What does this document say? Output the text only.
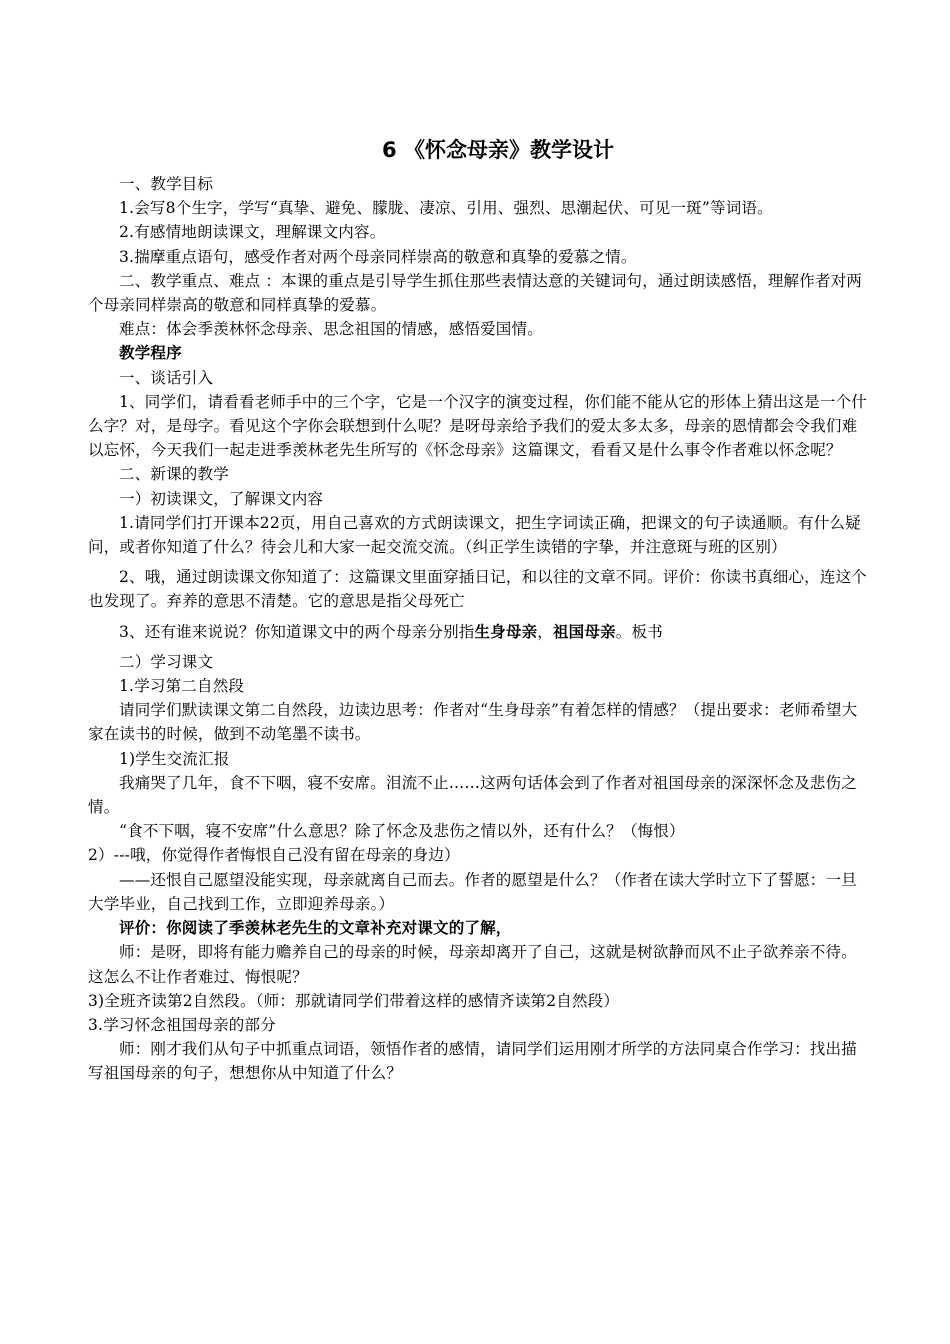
6 《怀念母亲》教学设计

一、教学目标

1.会写8个生字，学写“真挚、避免、朦胧、凄凉、引用、强烈、思潮起伏、可见一斑”等词语。

2.有感情地朗读课文，理解课文内容。

3.揣摩重点语句，感受作者对两个母亲同样崇高的敬意和真挚的爱慕之情。

二、教学重点、难点 ：本课的重点是引导学生抓住那些表情达意的关键词句，通过朗读感悟，理解作者对两个母亲同样崇高的敬意和同样真挚的爱慕。

难点：体会季羡林怀念母亲、思念祖国的情感，感悟爱国情。

教学程序

一、谈话引入

1、同学们，请看看老师手中的三个字，它是一个汉字的演变过程，你们能不能从它的形体上猜出这是一个什么字？对，是母字。看见这个字你会联想到什么呢？是呀母亲给予我们的爱太多太多，母亲的恩情都会令我们难以忘怀，今天我们一起走进季羡林老先生所写的《怀念母亲》这篇课文，看看又是什么事令作者难以怀念呢？

二、新课的教学

一）初读课文，了解课文内容

1.请同学们打开课本22页，用自己喜欢的方式朗读课文，把生字词读正确，把课文的句子读通顺。有什么疑问，或者你知道了什么？待会儿和大家一起交流交流。（纠正学生读错的字挚，并注意斑与班的区别）

2、哦，通过朗读课文你知道了：这篇课文里面穿插日记，和以往的文章不同。评价：你读书真细心，连这个也发现了。弃养的意思不清楚。它的意思是指父母死亡

3、还有谁来说说？你知道课文中的两个母亲分别指生身母亲，祖国母亲。板书

二）学习课文

1.学习第二自然段

请同学们默读课文第二自然段，边读边思考：作者对“生身母亲”有着怎样的情感？（提出要求：老师希望大家在读书的时候，做到不动笔墨不读书。

1)学生交流汇报

我痛哭了几年，食不下咽，寝不安席。泪流不止……这两句话体会到了作者对祖国母亲的深深怀念及悲伤之情。

“食不下咽，寝不安席”什么意思？除了怀念及悲伤之情以外，还有什么？（悔恨）

2）---哦，你觉得作者悔恨自己没有留在母亲的身边）

——还恨自己愿望没能实现，母亲就离自己而去。作者的愿望是什么？（作者在读大学时立下了誓愿：一旦大学毕业，自己找到工作，立即迎养母亲。）

评价：你阅读了季羡林老先生的文章补充对课文的了解，

师：是呀，即将有能力赡养自己的母亲的时候，母亲却离开了自己，这就是树欲静而风不止子欲养亲不待。这怎么不让作者难过、悔恨呢？

3)全班齐读第2自然段。（师：那就请同学们带着这样的感情齐读第2自然段）

3.学习怀念祖国母亲的部分

师：刚才我们从句子中抓重点词语，领悟作者的感情，请同学们运用刚才所学的方法同桌合作学习：找出描写祖国母亲的句子，想想你从中知道了什么？
